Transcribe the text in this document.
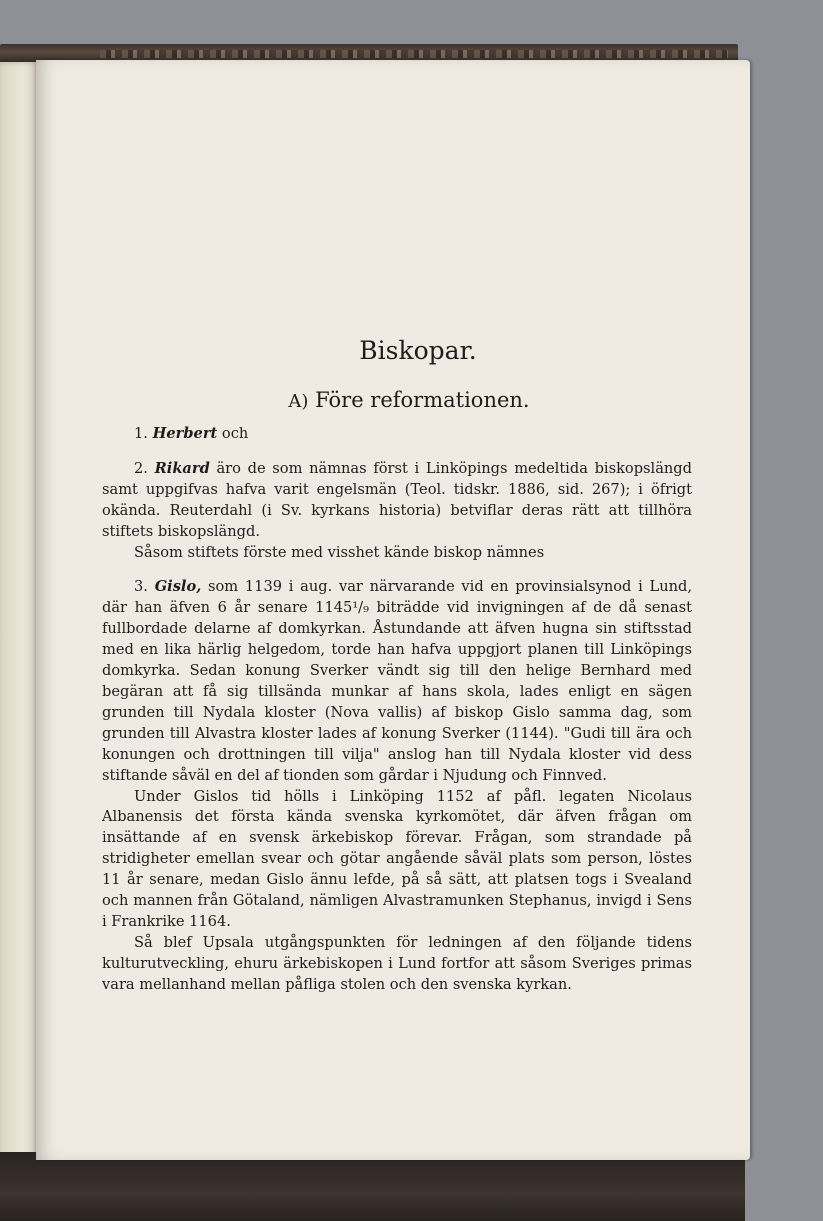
Biskopar.
A) Före reformationen.

1. Herbert och

2. Rikard äro de som nämnas först i Linköpings medeltida biskopslängd samt uppgifvas hafva varit engelsmän (Teol. tidskr. 1886, sid. 267); i öfrigt okända. Reuterdahl (i Sv. kyrkans historia) betviflar deras rätt att tillhöra stiftets biskopslängd.

Såsom stiftets förste med visshet kände biskop nämnes

3. Gislo, som 1139 i aug. var närvarande vid en provinsialsynod i Lund, där han äfven 6 år senare 1145¹/₉ biträdde vid invigningen af de då senast fullbordade delarne af domkyrkan. Åstundande att äfven hugna sin stiftsstad med en lika härlig helgedom, torde han hafva uppgjort planen till Linköpings domkyrka. Sedan konung Sverker vändt sig till den helige Bernhard med begäran att få sig tillsända munkar af hans skola, lades enligt en sägen grunden till Nydala kloster (Nova vallis) af biskop Gislo samma dag, som grunden till Alvastra kloster lades af konung Sverker (1144). "Gudi till ära och konungen och drottningen till vilja" anslog han till Nydala kloster vid dess stiftande såväl en del af tionden som gårdar i Njudung och Finnved.

Under Gislos tid hölls i Linköping 1152 af påfl. legaten Nicolaus Albanensis det första kända svenska kyrkomötet, där äfven frågan om insättande af en svensk ärkebiskop förevar. Frågan, som strandade på stridigheter emellan svear och götar angående såväl plats som person, löstes 11 år senare, medan Gislo ännu lefde, på så sätt, att platsen togs i Svealand och mannen från Götaland, nämligen Alvastramunken Stephanus, invigd i Sens i Frankrike 1164.

Så blef Upsala utgångspunkten för ledningen af den följande tidens kulturutveckling, ehuru ärkebiskopen i Lund fortfor att såsom Sveriges primas vara mellanhand mellan påfliga stolen och den svenska kyrkan.
